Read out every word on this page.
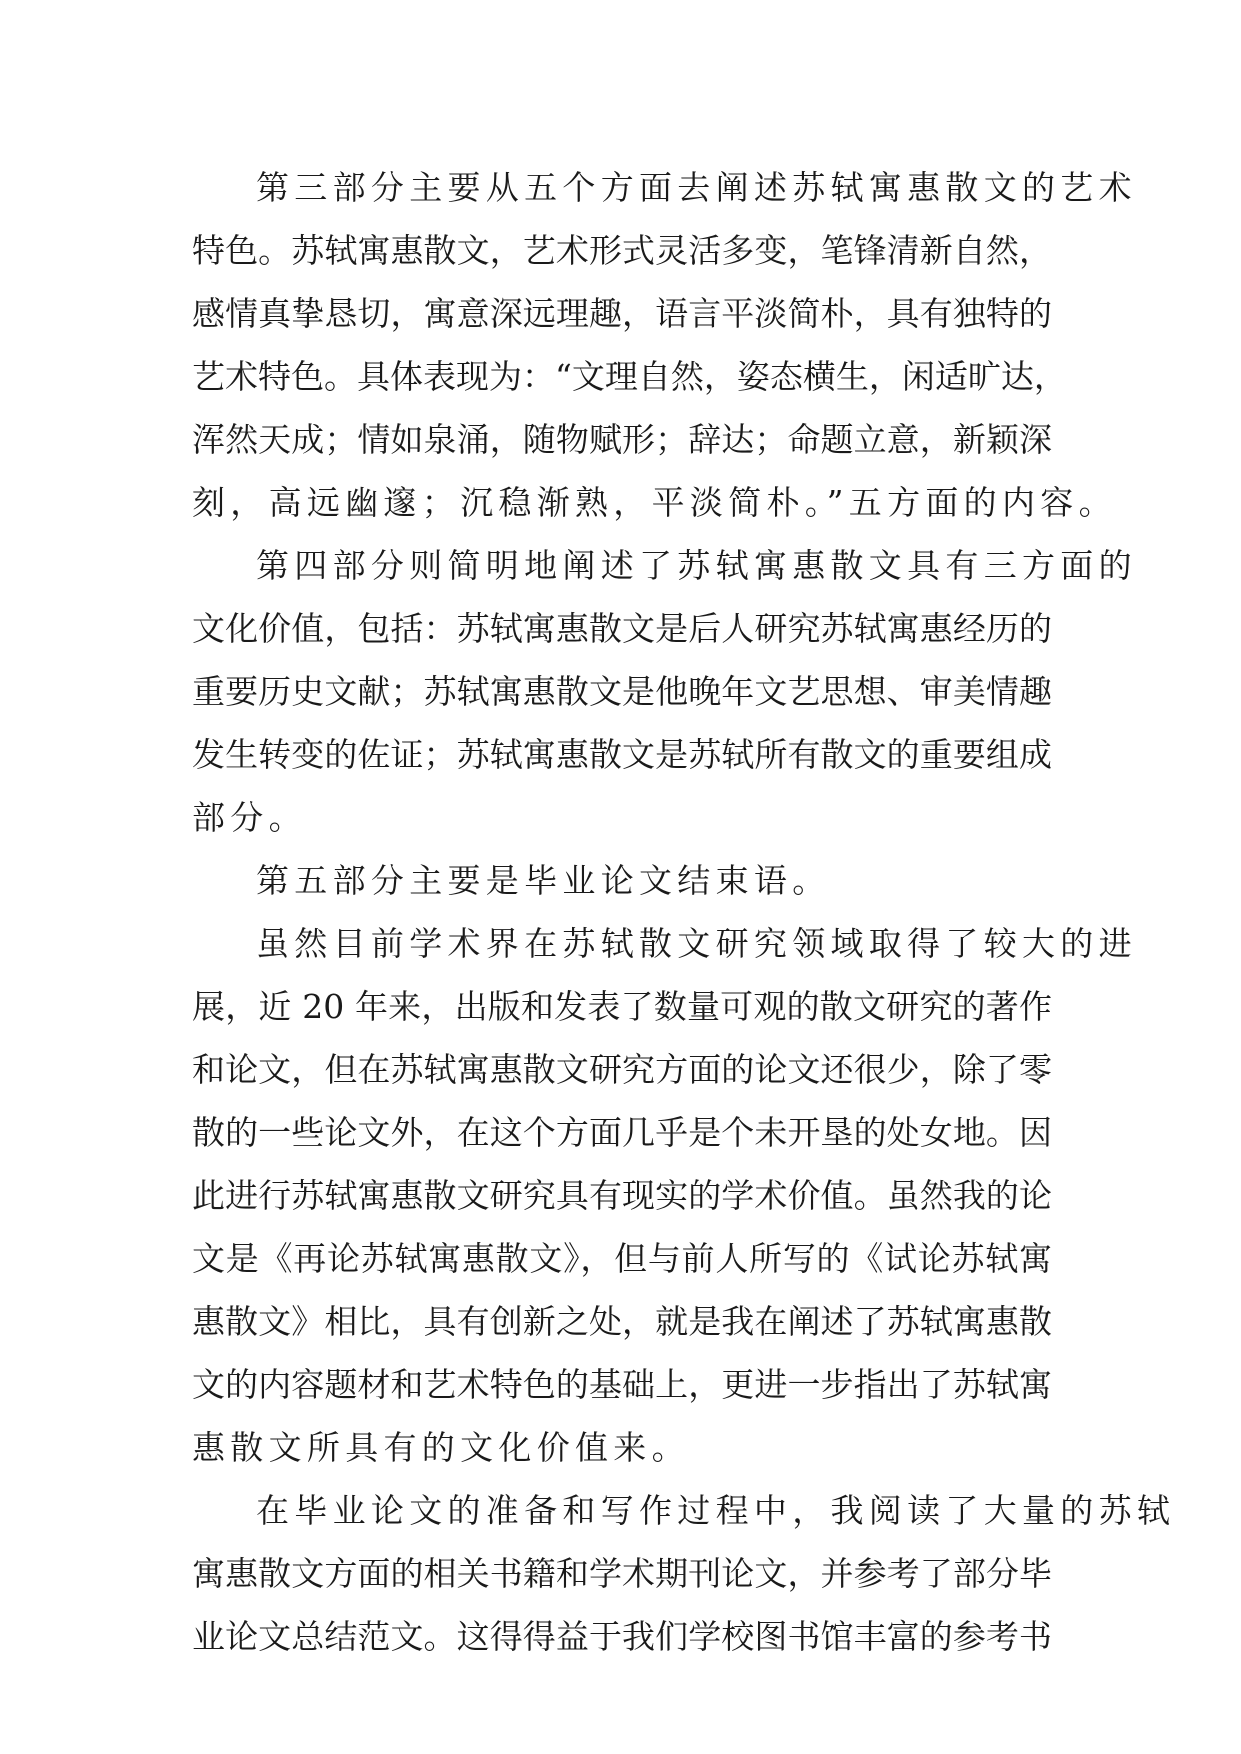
第三部分主要从五个方面去阐述苏轼寓惠散文的艺术
特色。苏轼寓惠散文，艺术形式灵活多变，笔锋清新自然，
感情真挚恳切，寓意深远理趣，语言平淡简朴，具有独特的
艺术特色。具体表现为：“文理自然，姿态横生，闲适旷达，
浑然天成；情如泉涌，随物赋形；辞达；命题立意，新颖深
刻，高远幽邃；沉稳渐熟，平淡简朴。”五方面的内容。
第四部分则简明地阐述了苏轼寓惠散文具有三方面的
文化价值，包括：苏轼寓惠散文是后人研究苏轼寓惠经历的
重要历史文献；苏轼寓惠散文是他晚年文艺思想、审美情趣
发生转变的佐证；苏轼寓惠散文是苏轼所有散文的重要组成
部分。
第五部分主要是毕业论文结束语。
虽然目前学术界在苏轼散文研究领域取得了较大的进
展，近 20 年来，出版和发表了数量可观的散文研究的著作
和论文，但在苏轼寓惠散文研究方面的论文还很少，除了零
散的一些论文外，在这个方面几乎是个未开垦的处女地。因
此进行苏轼寓惠散文研究具有现实的学术价值。虽然我的论
文是《再论苏轼寓惠散文》，但与前人所写的《试论苏轼寓
惠散文》相比，具有创新之处，就是我在阐述了苏轼寓惠散
文的内容题材和艺术特色的基础上，更进一步指出了苏轼寓
惠散文所具有的文化价值来。
在毕业论文的准备和写作过程中，我阅读了大量的苏轼
寓惠散文方面的相关书籍和学术期刊论文，并参考了部分毕
业论文总结范文。这得得益于我们学校图书馆丰富的参考书
